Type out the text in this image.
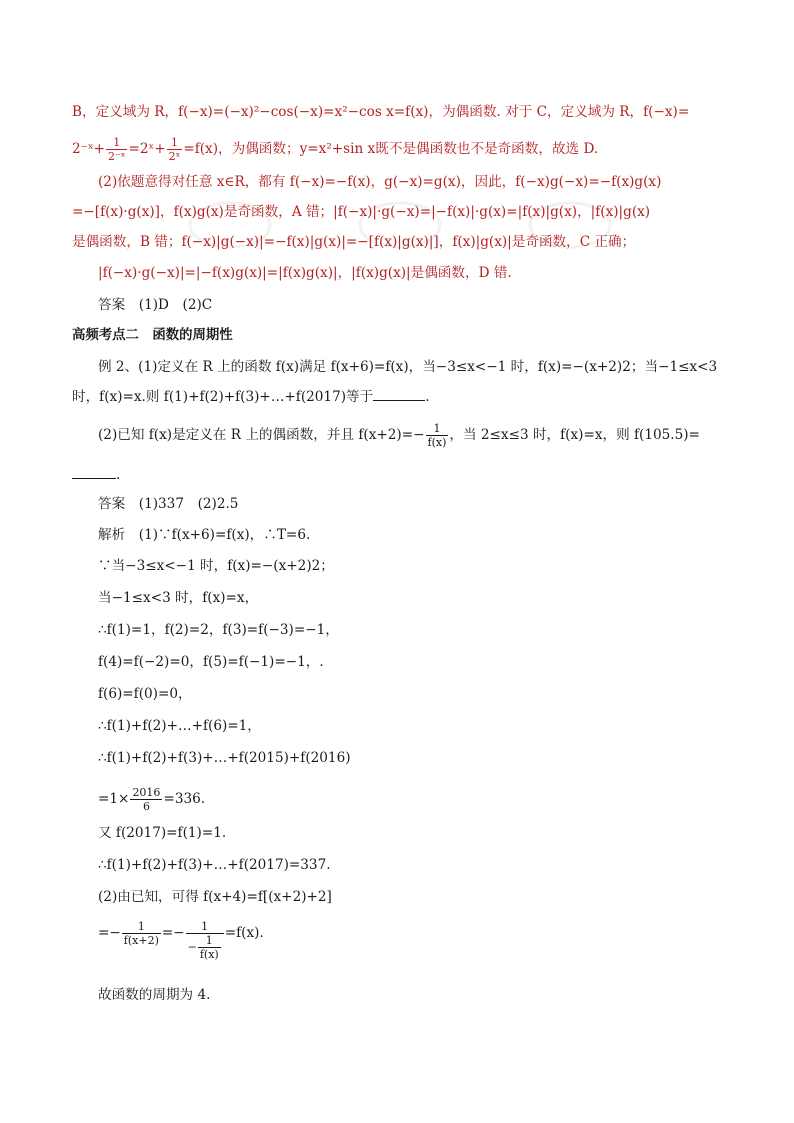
B，定义域为 R，f(−x)=(−x)²−cos(−x)=x²−cos x=f(x)，为偶函数. 对于 C，定义域为 R，f(−x)=
2⁻ˣ+ $\frac{1}{\text{2⁻ˣ}}$ =2ˣ+ $\frac{1}{\text{2ˣ}} =f(x)$，为偶函数；y=x²+sin x既不是偶函数也不是奇函数，故选 D.
(2)依题意得对任意 x∈R，都有 f(−x)=−f(x)，g(−x)=g(x)，因此，f(−x)g(−x)=−f(x)g(x)
=−[f(x)·g(x)]，f(x)g(x)是奇函数，A 错；|f(−x)|·g(−x)=|−f(x)|·g(x)=|f(x)|g(x)，|f(x)|g(x)
是偶函数，B 错；f(−x)|g(−x)|=−f(x)|g(x)|=−[f(x)|g(x)|]，f(x)|g(x)|是奇函数，C 正确；
|f(−x)·g(−x)|=|−f(x)g(x)|=|f(x)g(x)|，|f(x)g(x)|是偶函数，D 错.
答案　(1)D　(2)C
高频考点二　函数的周期性
例 2、(1)定义在 R 上的函数 f(x)满足 f(x+6)=f(x)，当−3≤x<−1 时，f(x)=−(x+2)2；当−1≤x<3
时，f(x)=x.则 f(1)+f(2)+f(3)+…+f(2017)等于	.
(2)已知 f(x)是定义在 R 上的偶函数，并且 $f(x+2)=- \frac{1}{f(x)}$ ，当 2≤x≤3 时，f(x)=x，则 f(105.5)=
.
答案　(1)337　(2)2.5
解析　(1)∵f(x+6)=f(x)，∴T=6.
∵当−3≤x<−1 时，f(x)=−(x+2)2；
当−1≤x<3 时，f(x)=x，
∴f(1)=1，f(2)=2，f(3)=f(−3)=−1，
f(4)=f(−2)=0，f(5)=f(−1)=−1，.
f(6)=f(0)=0，
∴f(1)+f(2)+…+f(6)=1，
∴f(1)+f(2)+f(3)+…+f(2015)+f(2016)
$=1\times \frac{2016}{6} =336$.
又 f(2017)=f(1)=1.
∴f(1)+f(2)+f(3)+…+f(2017)=337.
(2)由已知，可得 f(x+4)=f[(x+2)+2]
=− $\frac{1}{f(x+2)} =- \frac{1}{- \frac{1}{f(x)}} =f(x)$.
故函数的周期为 4.
